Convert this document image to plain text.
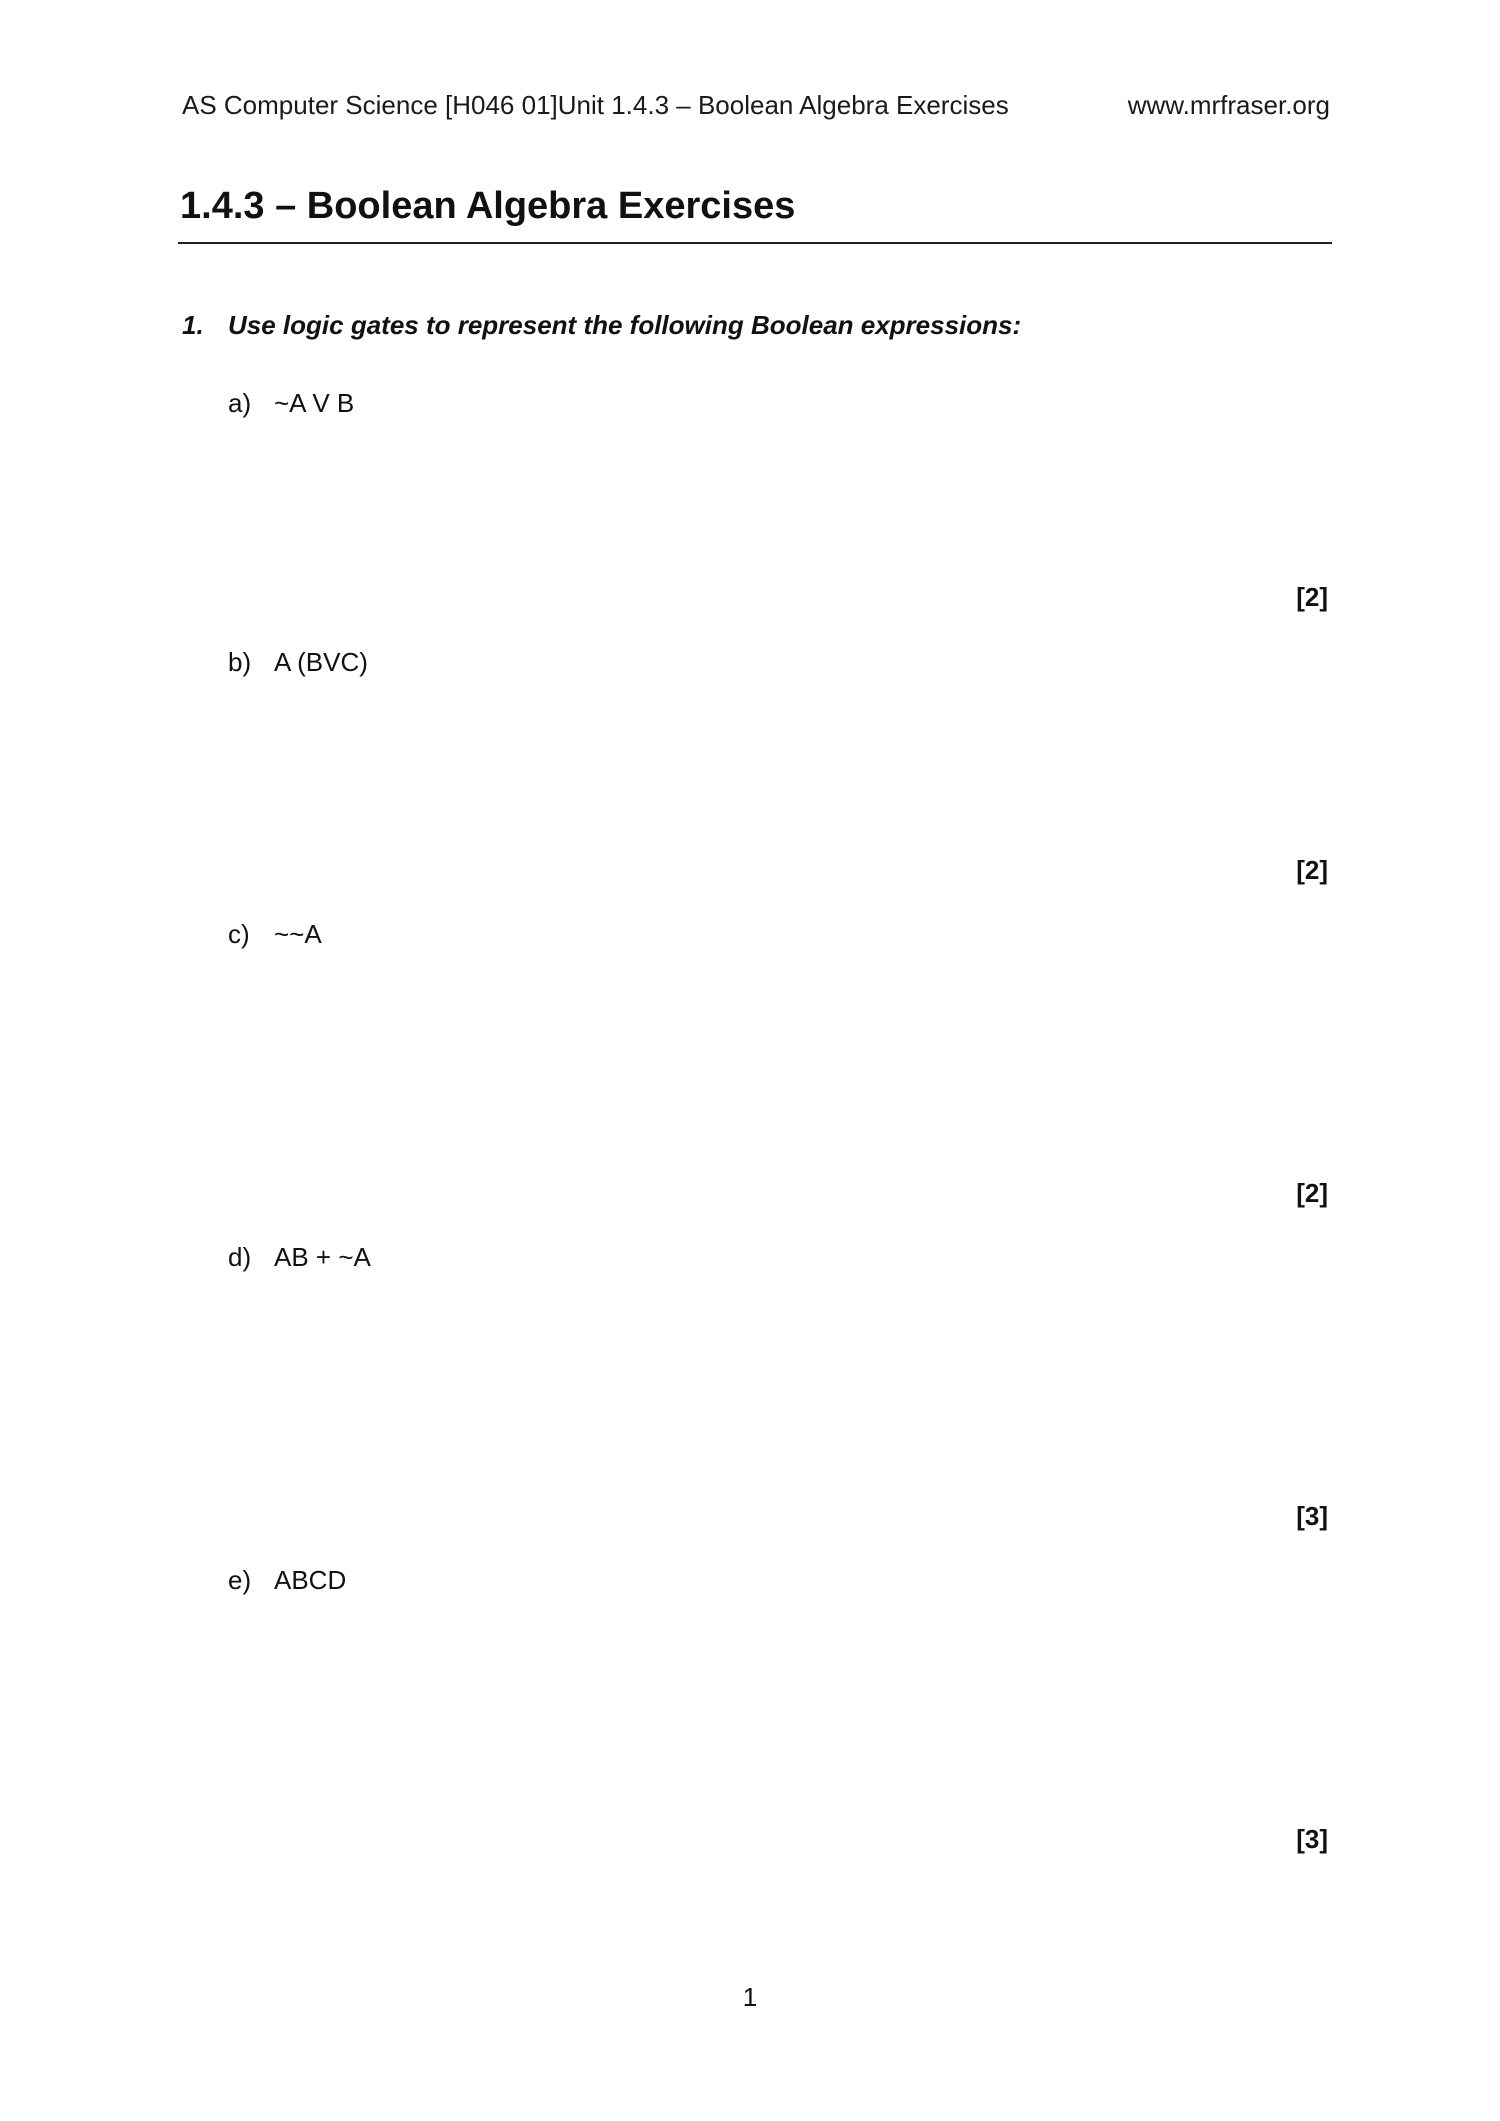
AS Computer Science [H046 01]Unit 1.4.3 – Boolean Algebra Exercises	www.mrfraser.org
1.4.3 – Boolean Algebra Exercises
1. Use logic gates to represent the following Boolean expressions:
a) ~A V B
[2]
b) A (BVC)
[2]
c) ~~A
[2]
d) AB + ~A
[3]
e) ABCD
[3]
1
